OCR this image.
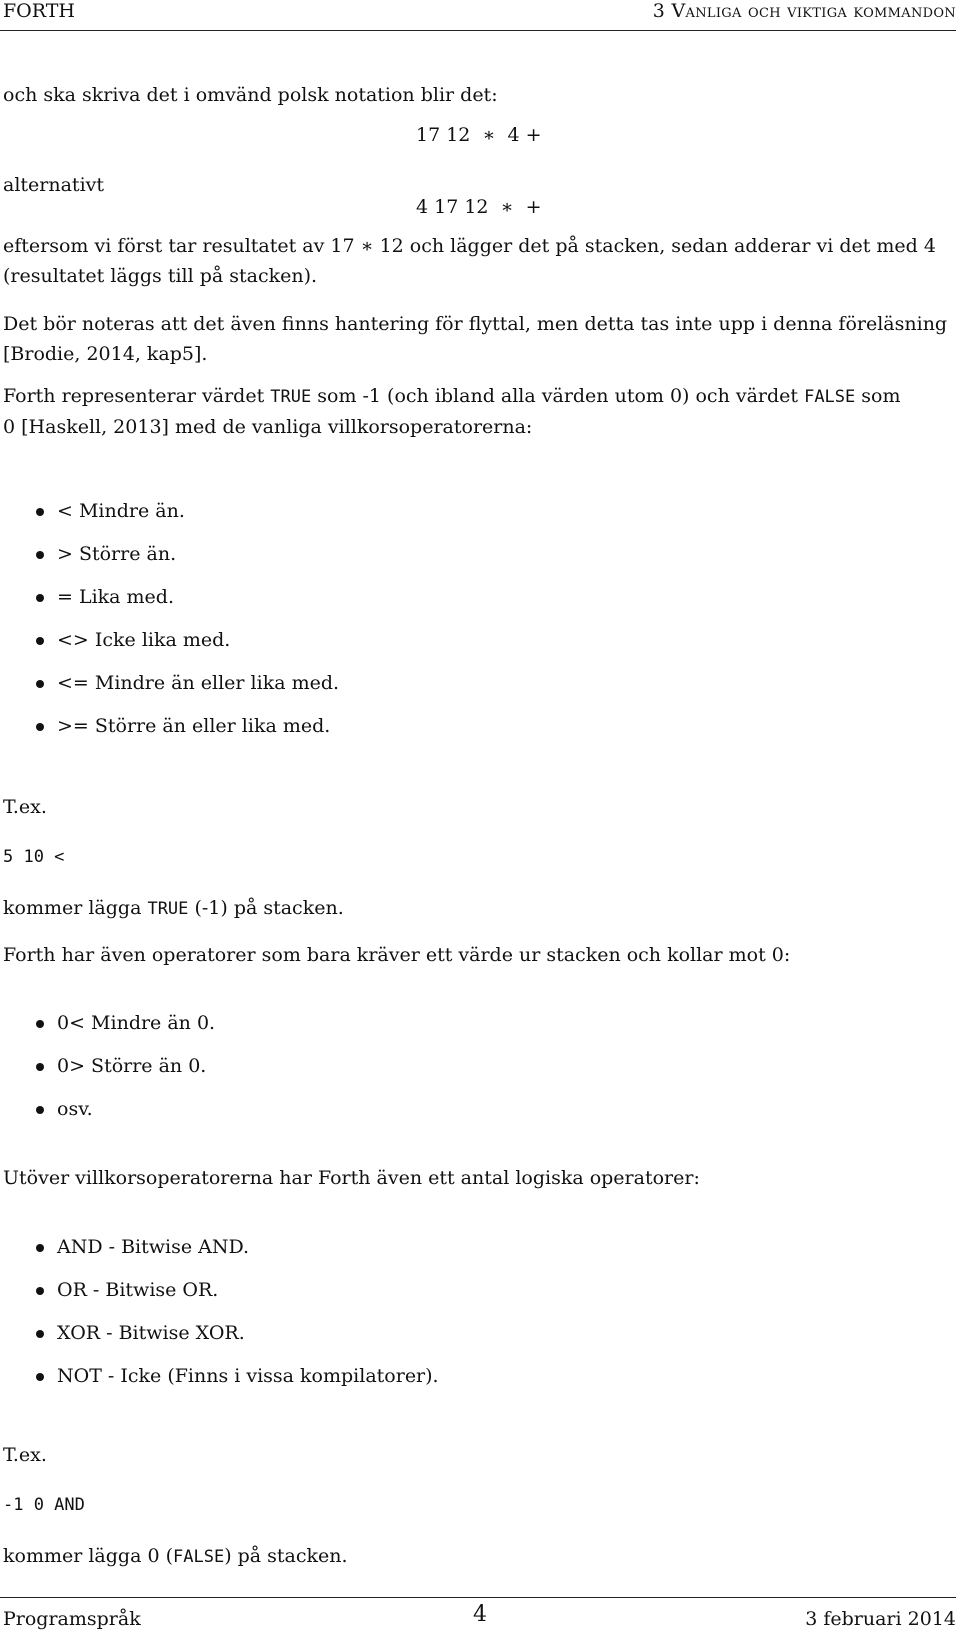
FORTH	3 Vanliga och viktiga kommandon
och ska skriva det i omvänd polsk notation blir det:
17 12  ∗  4 +
alternativt
4 17 12  ∗  +
eftersom vi först tar resultatet av 17 ∗ 12 och lägger det på stacken, sedan adderar vi det med 4
(resultatet läggs till på stacken).
Det bör noteras att det även finns hantering för flyttal, men detta tas inte upp i denna föreläsning
[Brodie, 2014, kap5].
Forth representerar värdet TRUE som -1 (och ibland alla värden utom 0) och värdet FALSE som
0 [Haskell, 2013] med de vanliga villkorsoperatorerna:
< Mindre än.
> Större än.
= Lika med.
<> Icke lika med.
<= Mindre än eller lika med.
>= Större än eller lika med.
T.ex.
5 10 <
kommer lägga TRUE (-1) på stacken.
Forth har även operatorer som bara kräver ett värde ur stacken och kollar mot 0:
0< Mindre än 0.
0> Större än 0.
osv.
Utöver villkorsoperatorerna har Forth även ett antal logiska operatorer:
AND - Bitwise AND.
OR - Bitwise OR.
XOR - Bitwise XOR.
NOT - Icke (Finns i vissa kompilatorer).
T.ex.
-1 0 AND
kommer lägga 0 (FALSE) på stacken.
Programspråk	4	3 februari 2014
